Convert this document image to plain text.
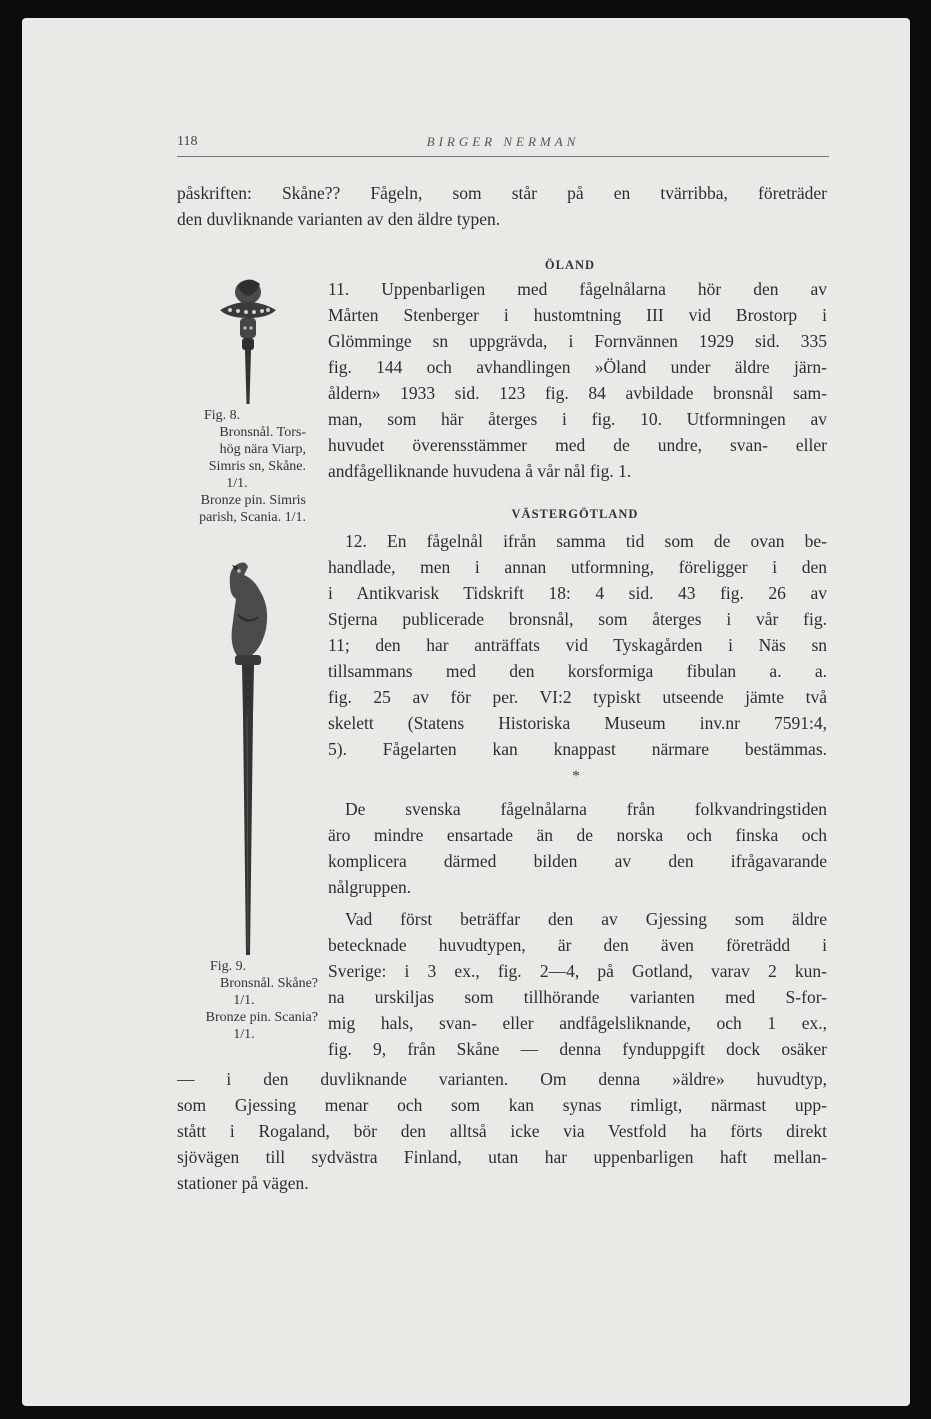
118	BIRGER NERMAN
påskriften: Skåne?? Fågeln, som står på en tvärribba, företräder
den duvliknande varianten av den äldre typen.
ÖLAND
11. Uppenbarligen med fågelnålarna hör den av
Mårten Stenberger i hustomtning III vid Brostorp i
Glömminge sn uppgrävda, i Fornvännen 1929 sid. 335
fig. 144 och avhandlingen »Öland under äldre järn-
åldern» 1933 sid. 123 fig. 84 avbildade bronsnål sam-
man, som här återges i fig. 10. Utformningen av
huvudet överensstämmer med de undre, svan- eller
andfågelliknande huvudena å vår nål fig. 1.
VÄSTERGÖTLAND
12. En fågelnål ifrån samma tid som de ovan be-
handlade, men i annan utformning, föreligger i den
i Antikvarisk Tidskrift 18: 4 sid. 43 fig. 26 av
Stjerna publicerade bronsnål, som återges i vår fig.
11; den har anträffats vid Tyskagården i Näs sn
tillsammans med den korsformiga fibulan a. a.
fig. 25 av för per. VI:2 typiskt utseende jämte två
skelett (Statens Historiska Museum inv.nr 7591:4,
5). Fågelarten kan knappast närmare bestämmas.
*
De svenska fågelnålarna från folkvandringstiden
äro mindre ensartade än de norska och finska och
komplicera därmed bilden av den ifrågavarande
nålgruppen.
Vad först beträffar den av Gjessing som äldre
betecknade huvudtypen, är den även företrädd i
Sverige: i 3 ex., fig. 2—4, på Gotland, varav 2 kun-
na urskiljas som tillhörande varianten med S-for-
mig hals, svan- eller andfågelsliknande, och 1 ex.,
fig. 9, från Skåne — denna fynduppgift dock osäker
— i den duvliknande varianten. Om denna »äldre» huvudtyp,
som Gjessing menar och som kan synas rimligt, närmast upp-
stått i Rogaland, bör den alltså icke via Vestfold ha förts direkt
sjövägen till sydvästra Finland, utan har uppenbarligen haft mellan-
stationer på vägen.
Fig. 8.
Bronsnål. Tors-
hög nära Viarp,
Simris sn, Skåne.
1/1.
Bronze pin. Simris
parish, Scania. 1/1.
Fig. 9.
Bronsnål. Skåne?
1/1.
Bronze pin. Scania?
1/1.
